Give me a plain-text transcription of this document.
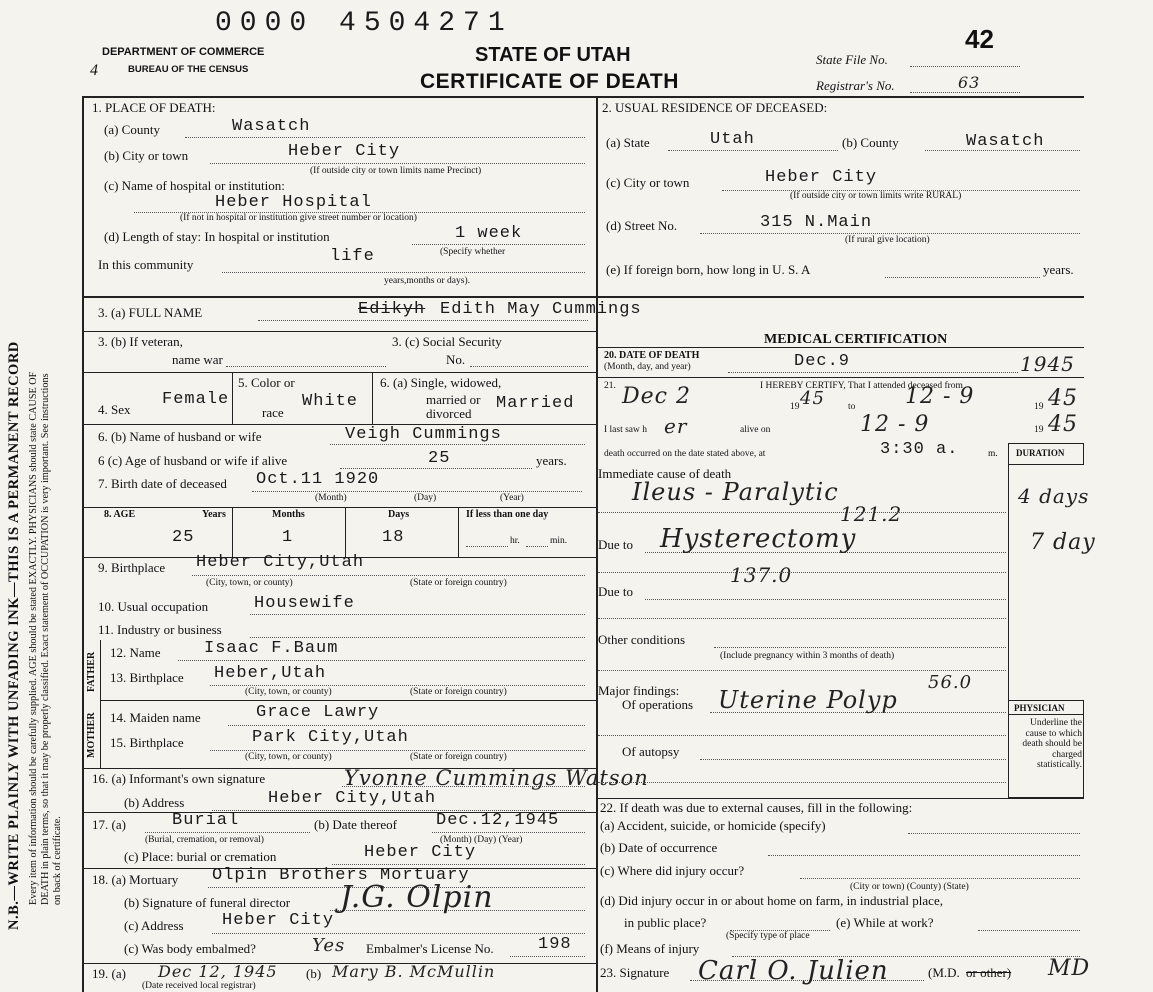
N.B.—WRITE PLAINLY WITH UNFADING INK—THIS IS A PERMANENT RECORD Every item of information should be carefully supplied. AGE should be stated EXACTLY. PHYSICIANS should state CAUSE OF DEATH in plain terms, so that it may be properly classified. Exact statement of OCCUPATION is very important. See instructions on back of certificate.
0000 4504271	42
DEPARTMENT OF COMMERCE
BUREAU OF THE CENSUS
4
STATE OF UTAH
CERTIFICATE OF DEATH
State File No.
Registrar's No.	63
1. PLACE OF DEATH:
(a) County	Wasatch
(b) City or town	Heber City
(If outside city or town limits name Precinct)
(c) Name of hospital or institution:
Heber Hospital
(If not in hospital or institution give street number or location)
(d) Length of stay: In hospital or institution	1 week
(Specify whether
In this community	life
years,months or days).
2. USUAL RESIDENCE OF DECEASED:
(a) State	Utah	(b) County	Wasatch
(c) City or town	Heber City
(If outside city or town limits write RURAL)
(d) Street No.	315 N.Main
(If rural give location)
(e) If foreign born, how long in U. S. A	years.
3. (a) FULL NAME	Edikyh Edith May Cummings
3. (b) If veteran,
name war
3. (c) Social Security
No.
4. Sex
Female
5. Color or
race
White
6. (a) Single, widowed,
married or
divorced
Married
6. (b) Name of husband or wife	Veigh Cummings
6 (c) Age of husband or wife if alive	25	years.
7. Birth date of deceased Oct.11 1920
(Month)	(Day)	(Year)
8. AGE	Years	Months	Days	If less than one day
25	1	18	hr.	min.
9. Birthplace Heber City,Utah
(City, town, or county)	(State or foreign country)
10. Usual occupation	Housewife
11. Industry or business
FATHER
MOTHER
12. Name	Isaac F.Baum
13. Birthplace Heber,Utah
(City, town, or county)	(State or foreign country)
14. Maiden name	Grace Lawry
15. Birthplace	Park City,Utah
(City, town, or county)	(State or foreign country)
16. (a) Informant's own signature	Yvonne Cummings Watson
(b) Address	Heber City,Utah
17. (a)	Burial
(Burial, cremation, or removal)
(b) Date thereof Dec.12,1945
(Month) (Day) (Year)
(c) Place: burial or cremation	Heber City
18. (a) Mortuary Olpin Brothers Mortuary
(b) Signature of funeral director J.G. Olpin
(c) Address Heber City
(c) Was body embalmed?	Yes Embalmer's License No.	198
19. (a) Dec 12, 1945
(Date received local registrar)
(b) Mary B. McMullin
MEDICAL CERTIFICATION
20. DATE OF DEATH
(Month, day, and year)	Dec.9	1945
21.	I HEREBY CERTIFY, That I attended deceased from
Dec 2	19 45 to 12 - 9	19 45
I last saw h er	alive on	12 - 9	19 45
death occurred on the date stated above, at	3:30 a.	m. DURATION
Immediate cause of death
Ileus - Paralytic
121.2
4 days
Due to Hysterectomy
137.0
7 day
Due to
Other conditions
(Include pregnancy within 3 months of death)
Major findings:
Of operations Uterine Polyp
56.0
Of autopsy
PHYSICIAN
Underline the cause to which death should be charged statistically.
22. If death was due to external causes, fill in the following:
(a) Accident, suicide, or homicide (specify)
(b) Date of occurrence
(c) Where did injury occur?
(City or town) (County) (State)
(d) Did injury occur in or about home on farm, in industrial place,
in public place?
(Specify type of place
(e) While at work?
(f) Means of injury
23. Signature Carl O. Julien	(M.D. or other) MD
